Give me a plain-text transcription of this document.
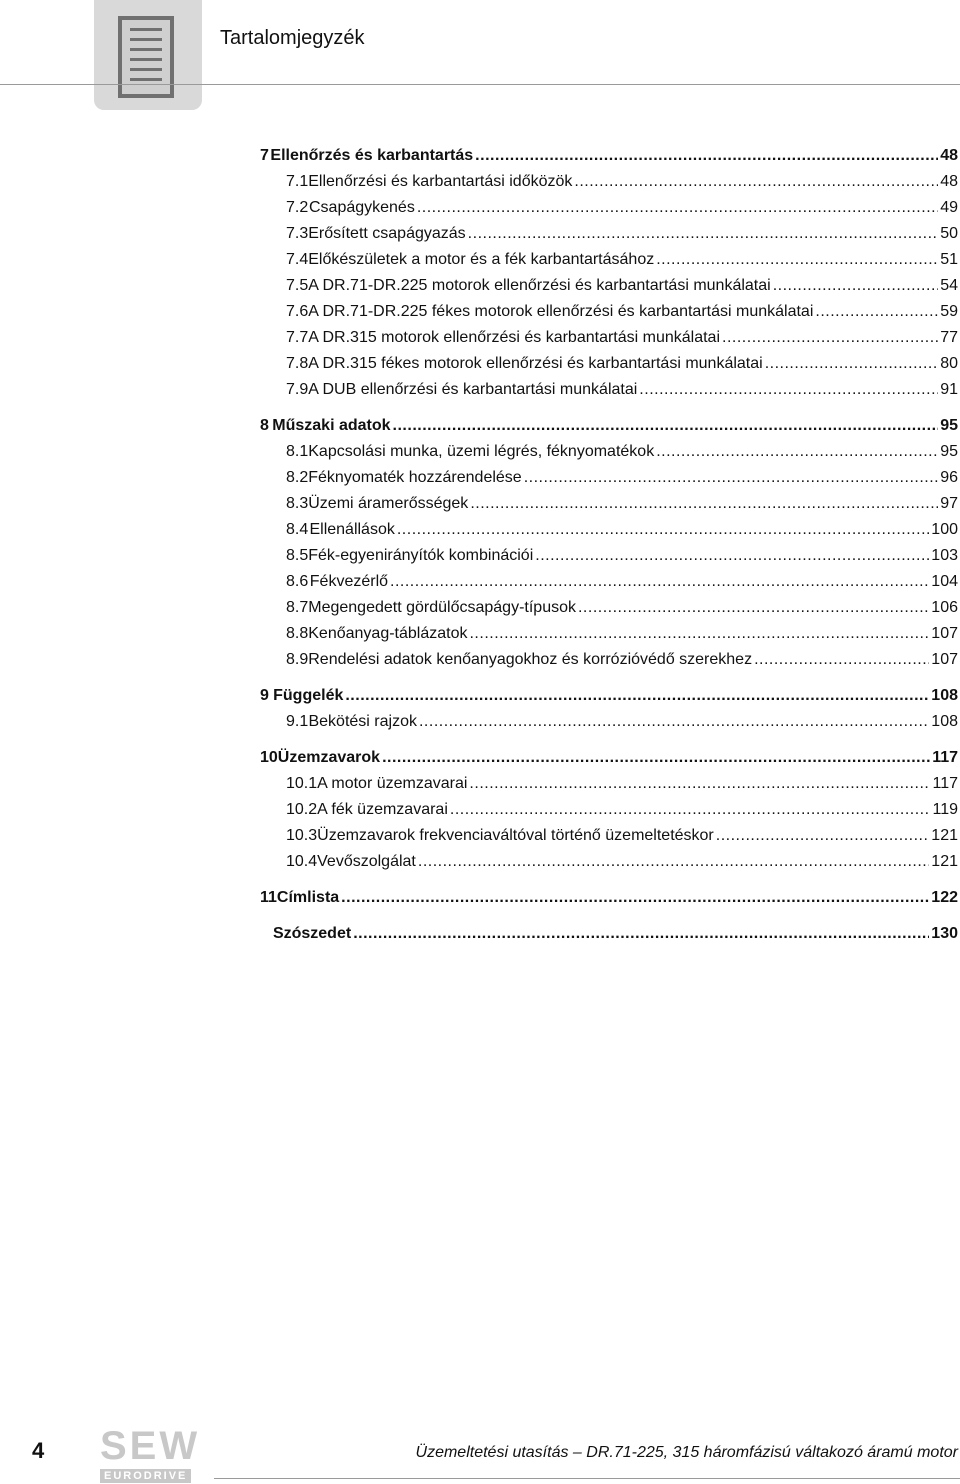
Tartalomjegyzék
7 Ellenőrzés és karbantartás .....	48
7.1 Ellenőrzési és karbantartási időközök .....	48
7.2 Csapágykenés .....	49
7.3 Erősített csapágyazás .....	50
7.4 Előkészületek a motor és a fék karbantartásához .....	51
7.5 A DR.71-DR.225 motorok ellenőrzési és karbantartási munkálatai .....	54
7.6 A DR.71-DR.225 fékes motorok ellenőrzési és karbantartási munkálatai .....	59
7.7 A DR.315 motorok ellenőrzési és karbantartási munkálatai .....	77
7.8 A DR.315 fékes motorok ellenőrzési és karbantartási munkálatai .....	80
7.9 A DUB ellenőrzési és karbantartási munkálatai .....	91
8 Műszaki adatok .....	95
8.1 Kapcsolási munka, üzemi légrés, féknyomatékok .....	95
8.2 Féknyomaték hozzárendelése .....	96
8.3 Üzemi áramerősségek .....	97
8.4 Ellenállások .....	100
8.5 Fék-egyenirányítók kombinációi .....	103
8.6 Fékvezérlő .....	104
8.7 Megengedett gördülőcsapágy-típusok .....	106
8.8 Kenőanyag-táblázatok .....	107
8.9 Rendelési adatok kenőanyagokhoz és korrózióvédő szerekhez .....	107
9 Függelék .....	108
9.1 Bekötési rajzok .....	108
10 Üzemzavarok .....	117
10.1 A motor üzemzavarai .....	117
10.2 A fék üzemzavarai .....	119
10.3 Üzemzavarok frekvenciaváltóval történő üzemeltetéskor .....	121
10.4 Vevőszolgálat .....	121
11 Címlista .....	122
Szószedet .....	130
4 SEW
EURODRIVE
Üzemeltetési utasítás – DR.71-225, 315 háromfázisú váltakozó áramú motor
